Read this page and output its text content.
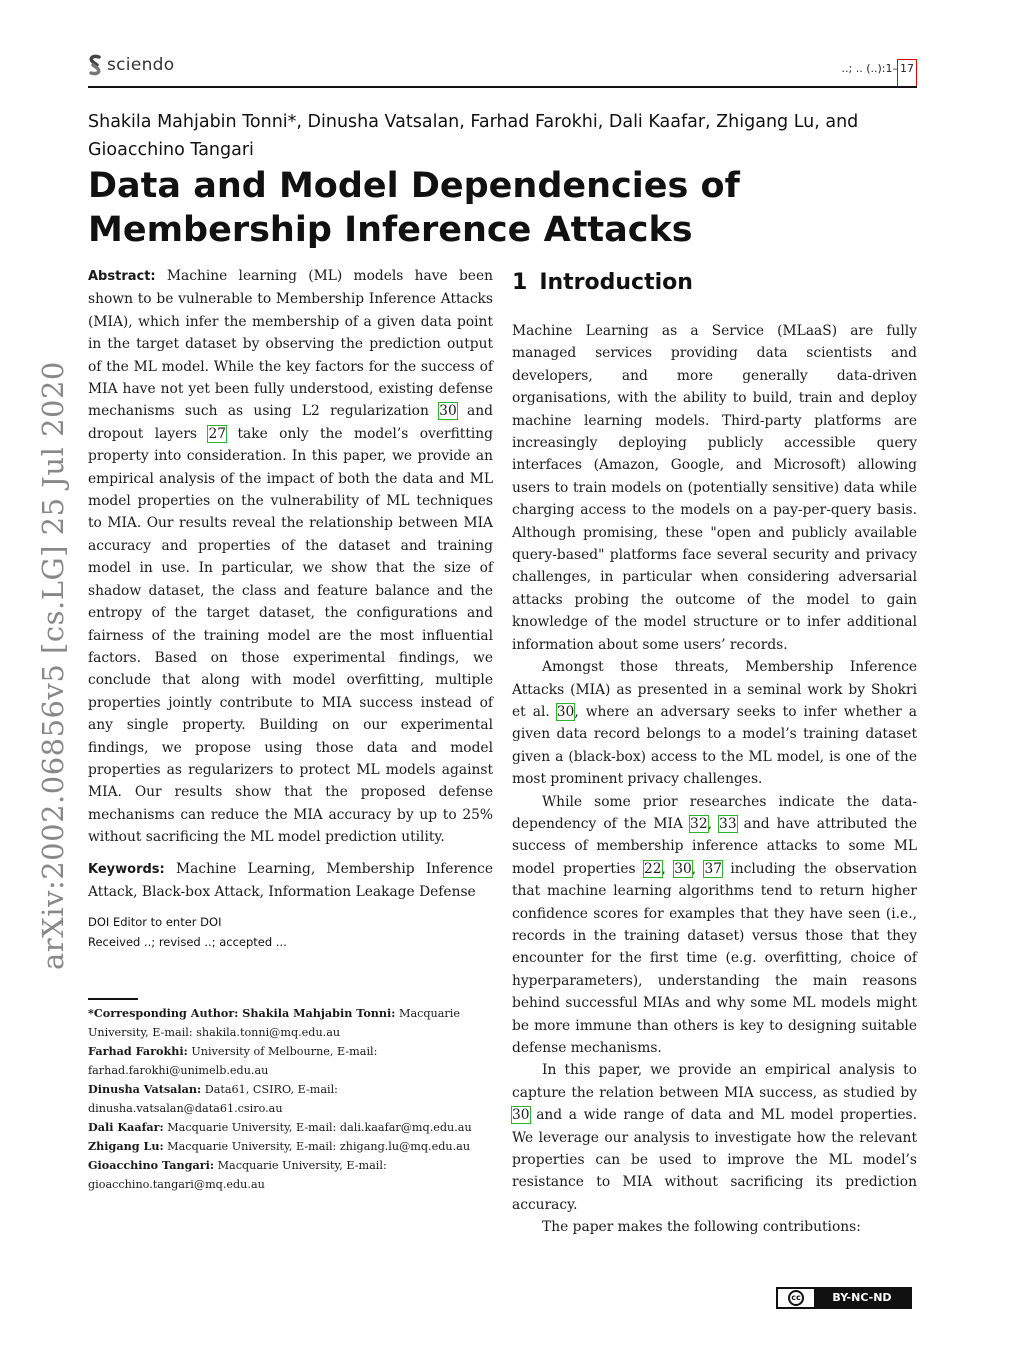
sciendo	..; .. (..):1– 17
Shakila Mahjabin Tonni*, Dinusha Vatsalan, Farhad Farokhi, Dali Kaafar, Zhigang Lu, and Gioacchino Tangari
Data and Model Dependencies of Membership Inference Attacks
arXiv:2002.06856v5 [cs.LG] 25 Jul 2020

Abstract: Machine learning (ML) models have been shown to be vulnerable to Membership Inference Attacks (MIA), which infer the membership of a given data point in the target dataset by observing the prediction output of the ML model. While the key factors for the success of MIA have not yet been fully understood, existing defense mechanisms such as using L2 regularization 30 and dropout layers 27 take only the model’s overfitting property into consideration. In this paper, we provide an empirical analysis of the impact of both the data and ML model properties on the vulnerability of ML techniques to MIA. Our results reveal the relationship between MIA accuracy and properties of the dataset and training model in use. In particular, we show that the size of shadow dataset, the class and feature balance and the entropy of the target dataset, the configurations and fairness of the training model are the most influential factors. Based on those experimental findings, we conclude that along with model overfitting, multiple properties jointly contribute to MIA success instead of any single property. Building on our experimental findings, we propose using those data and model properties as regularizers to protect ML models against MIA. Our results show that the proposed defense mechanisms can reduce the MIA accuracy by up to 25% without sacrificing the ML model prediction utility.

Keywords: Machine Learning, Membership Inference Attack, Black-box Attack, Information Leakage Defense

DOI Editor to enter DOI
Received ..; revised ..; accepted ...

*Corresponding Author: Shakila Mahjabin Tonni: Macquarie University, E-mail: shakila.tonni@mq.edu.au

Farhad Farokhi: University of Melbourne, E-mail: farhad.farokhi@unimelb.edu.au

Dinusha Vatsalan: Data61, CSIRO, E-mail: dinusha.vatsalan@data61.csiro.au

Dali Kaafar: Macquarie University, E-mail: dali.kaafar@mq.edu.au

Zhigang Lu: Macquarie University, E-mail: zhigang.lu@mq.edu.au

Gioacchino Tangari: Macquarie University, E-mail: gioacchino.tangari@mq.edu.au

1 Introduction

Machine Learning as a Service (MLaaS) are fully managed services providing data scientists and developers, and more generally data-driven organisations, with the ability to build, train and deploy machine learning models. Third-party platforms are increasingly deploying publicly accessible query interfaces (Amazon, Google, and Microsoft) allowing users to train models on (potentially sensitive) data while charging access to the models on a pay-per-query basis. Although promising, these "open and publicly available query-based" platforms face several security and privacy challenges, in particular when considering adversarial attacks probing the outcome of the model to gain knowledge of the model structure or to infer additional information about some users’ records.

Amongst those threats, Membership Inference Attacks (MIA) as presented in a seminal work by Shokri et al. 30, where an adversary seeks to infer whether a given data record belongs to a model’s training dataset given a (black-box) access to the ML model, is one of the most prominent privacy challenges.

While some prior researches indicate the data-dependency of the MIA 32, 33 and have attributed the success of membership inference attacks to some ML model properties 22, 30, 37 including the observation that machine learning algorithms tend to return higher confidence scores for examples that they have seen (i.e., records in the training dataset) versus those that they encounter for the first time (e.g. overfitting, choice of hyperparameters), understanding the main reasons behind successful MIAs and why some ML models might be more immune than others is key to designing suitable defense mechanisms.

In this paper, we provide an empirical analysis to capture the relation between MIA success, as studied by 30 and a wide range of data and ML model properties. We leverage our analysis to investigate how the relevant properties can be used to improve the ML model’s resistance to MIA without sacrificing its prediction accuracy.

The paper makes the following contributions:

cc	BY-NC-ND
